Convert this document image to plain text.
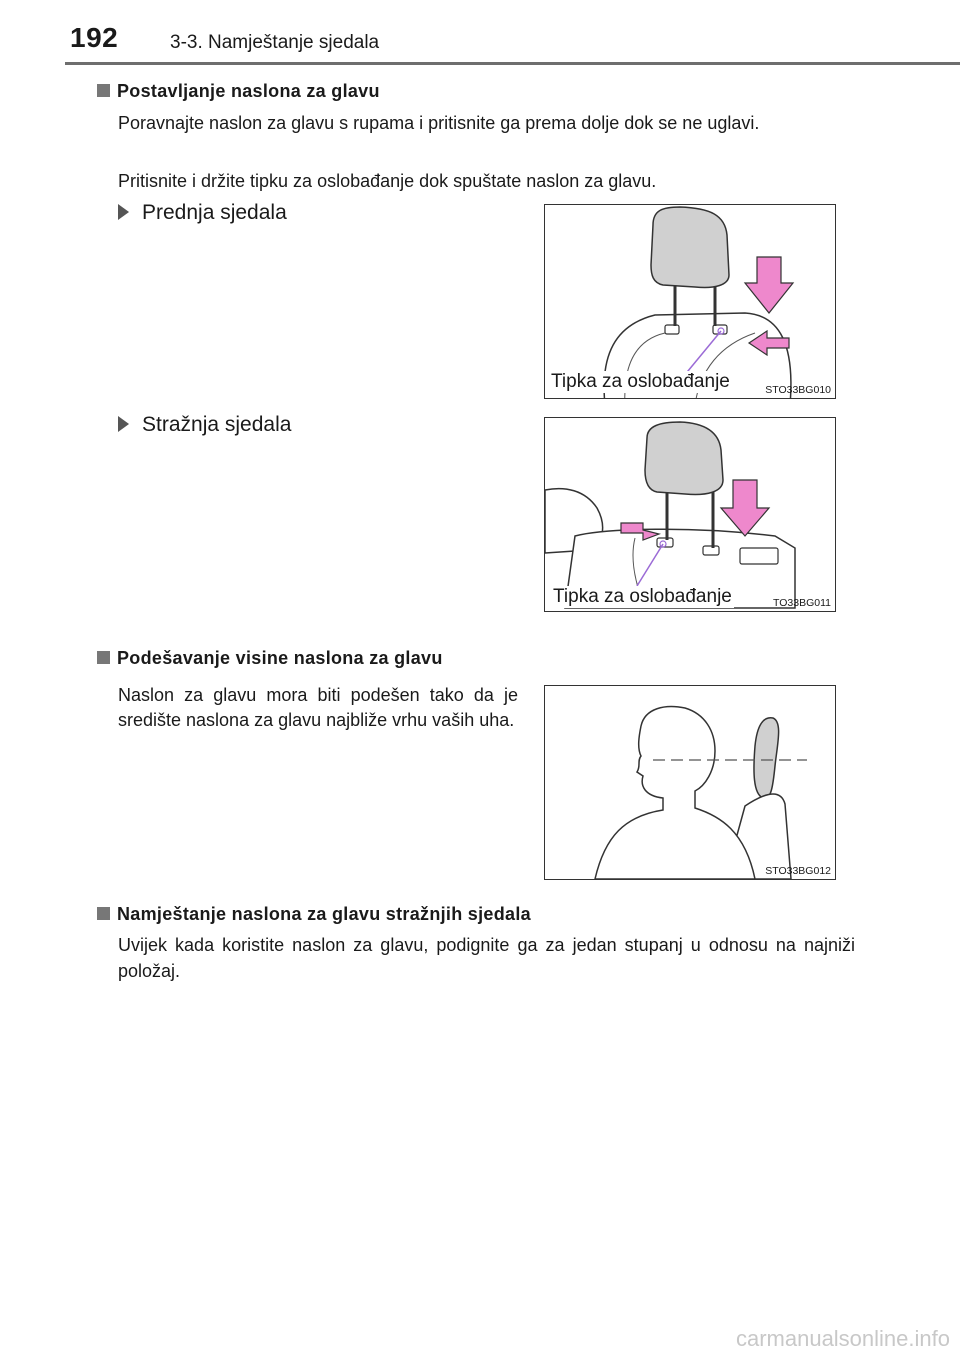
192	3-3. Namještanje sjedala
Postavljanje naslona za glavu
Poravnajte naslon za glavu s rupama i pritisnite ga prema dolje dok se ne uglavi.
Pritisnite i držite tipku za oslobađanje dok spuštate naslon za glavu.
Prednja sjedala
Tipka za oslobađanje	STO33BG010
Stražnja sjedala
Tipka za oslobađanje	TO33BG011
Podešavanje visine naslona za glavu
Naslon za glavu mora biti podešen tako da je središte naslona za glavu najbliže vrhu vaših uha.
STO33BG012
Namještanje naslona za glavu stražnjih sjedala
Uvijek kada koristite naslon za glavu, podignite ga za jedan stupanj u odnosu na najniži položaj.
carmanualsonline.info
